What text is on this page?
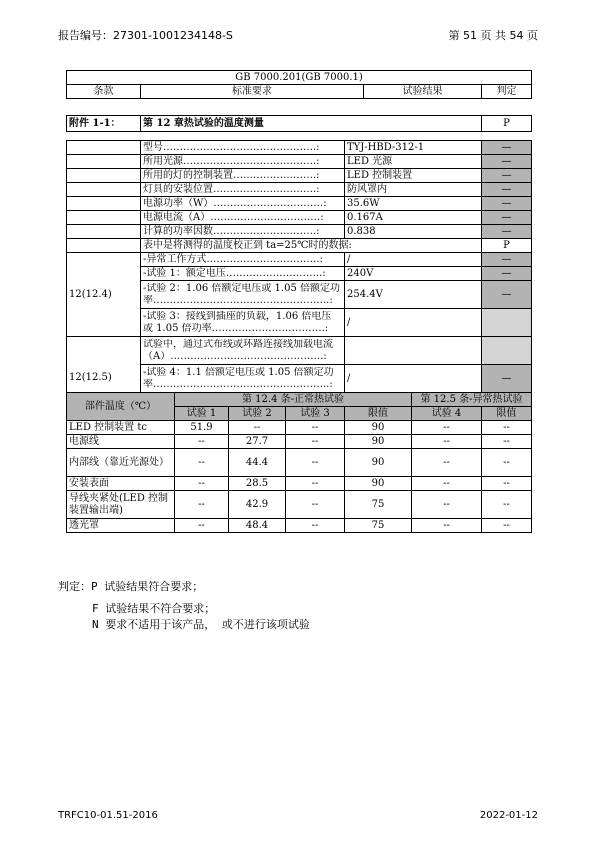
报告编号：27301-1001234148-S	第 51 页 共 54 页
GB 7000.201(GB 7000.1)
条款	标准要求	试验结果	判定
附件 1-1：	第 12 章热试验的温度测量	P
	型号……………………………………….:				TYJ-HBD-312-1		—
	所用光源………………………………….:				LED 光源		—
	所用的灯的控制装置…………………….:				LED 控制装置		—
	灯具的安装位置………………………….:				防风罩内		—
	电源功率（W）……………………………:				35.6W		—
	电源电流（A）……………………………:				0.167A		—
	计算的功率因数………………………….:				0.838		—
	表中是将测得的温度校正到 ta=25℃时的数据:						P
12(12.4)	-异常工作方式…………………………….:				/		—
	-试验 1：额定电压………………………..:				240V		—

	-试验 2：1.06 倍额定电压或 1.05 倍额定功
率……………………………………………..:				254.4V		—

	-试验 3：接线到插座的负载，1.06 倍电压
或 1.05 倍功率…………………………….:				/		
12(12.5)	试验中，通过式布线或环路连接线加载电流
（A）……………………………………….:						

	-试验 4：1.1 倍额定电压或 1.05 倍额定功
率……………………………………………..:				/		—
部件温度（℃）		第 12.4 条-正常热试验				第 12.5 条-异常热试验	
		试验 1	试验 2	试验 3	限值	试验 4	限值
LED 控制装置 tc		51.9	--	--	90	--	--
电源线		--	27.7	--	90	--	--
内部线（靠近光源处）		--	44.4	--	90	--	--
安装表面		--	28.5	--	90	--	--
导线夹紧处(LED 控制装置输出端)		--	42.9	--	75	--	--
透光罩		--	48.4	--	75	--	--
判定：P 试验结果符合要求；
F 试验结果不符合要求；
N 要求不适用于该产品， 或不进行该项试验
TRFC10-01.51-2016	2022-01-12
